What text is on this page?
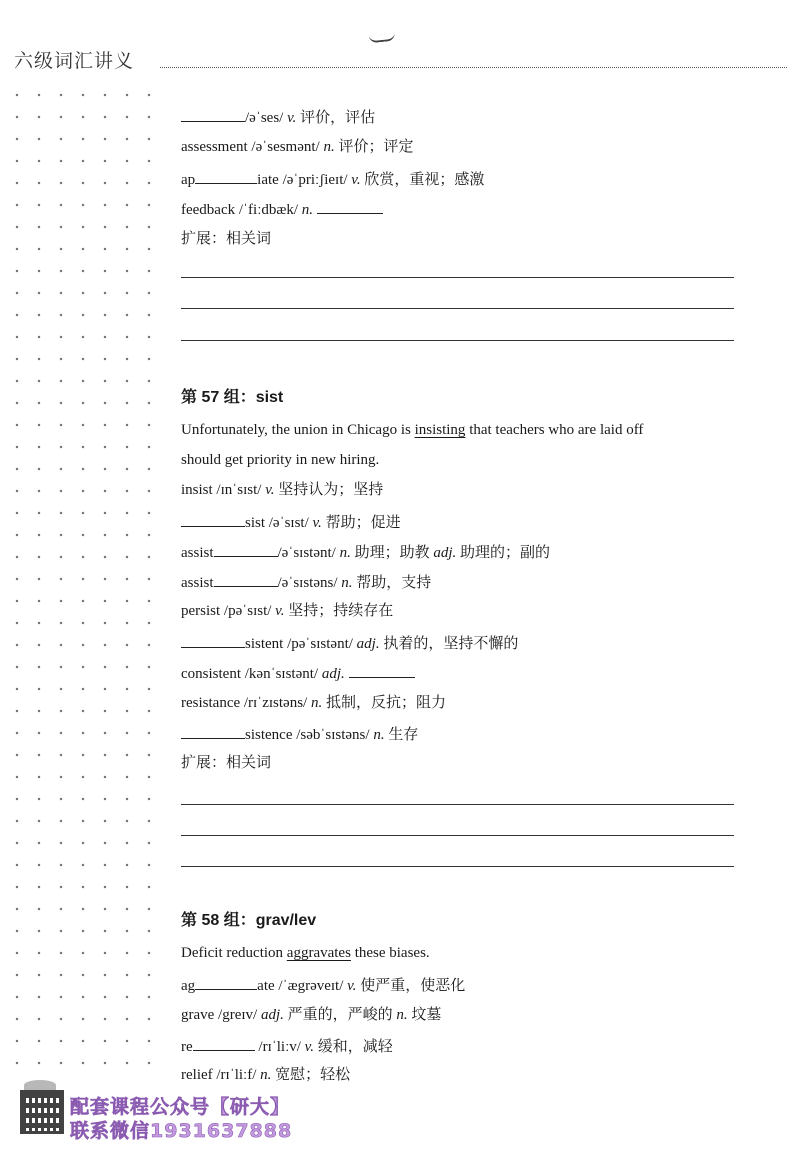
六级词汇讲义
/əˈses/ v. 评价，评估
assessment /əˈsesmənt/ n. 评价；评定
ap	iate /əˈpriːʃieɪt/ v. 欣赏，重视；感激
feedback /ˈfiːdbæk/ n.
扩展：相关词
第 57 组：sist
Unfortunately, the union in Chicago is insisting that teachers who are laid off
should get priority in new hiring.
insist /ɪnˈsɪst/ v. 坚持认为；坚持
sist /əˈsɪst/ v. 帮助；促进
assist	/əˈsɪstənt/ n. 助理；助教 adj. 助理的；副的
assist	/əˈsɪstəns/ n. 帮助，支持
persist /pəˈsɪst/ v. 坚持；持续存在
sistent /pəˈsɪstənt/ adj. 执着的，坚持不懈的
consistent /kənˈsɪstənt/ adj.
resistance /rɪˈzɪstəns/ n. 抵制，反抗；阻力
sistence /səbˈsɪstəns/ n. 生存
扩展：相关词
第 58 组：grav/lev
Deficit reduction aggravates these biases.
ag	ate /ˈægrəveɪt/ v. 使严重，使恶化
grave /greɪv/ adj. 严重的，严峻的 n. 坟墓
re	/rɪˈliːv/ v. 缓和，减轻
relief /rɪˈliːf/ n. 宽慰；轻松
配套课程公众号【研大】
联系微信1931637888
